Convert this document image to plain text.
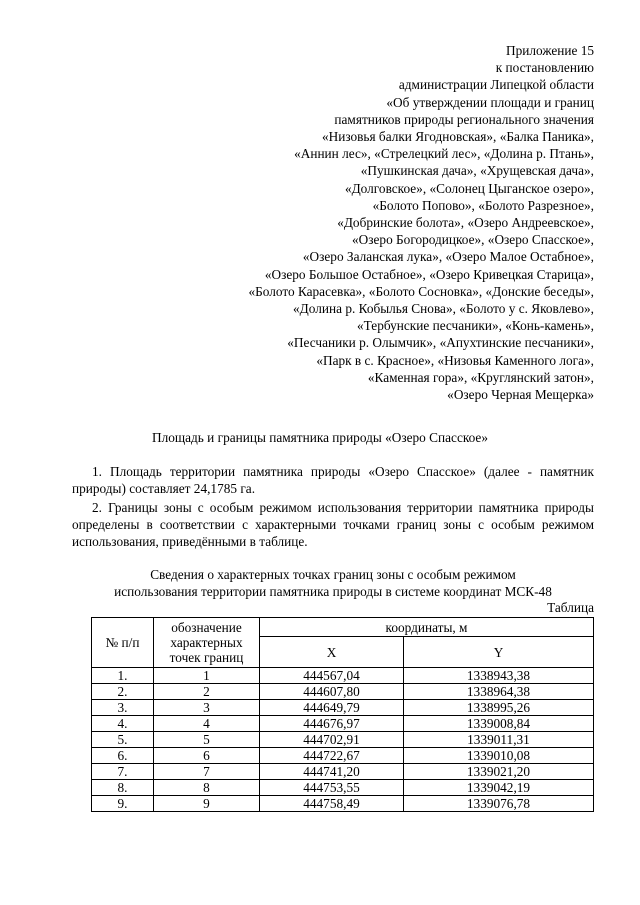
Приложение 15
к постановлению
администрации Липецкой области
«Об утверждении площади и границ
памятников природы регионального значения
«Низовья балки Ягодновская», «Балка Паника»,
«Аннин лес», «Стрелецкий лес», «Долина р. Птань»,
«Пушкинская дача», «Хрущевская дача»,
«Долговское», «Солонец Цыганское озеро»,
«Болото Попово», «Болото Разрезное»,
«Добринские болота», «Озеро Андреевское»,
«Озеро Богородицкое», «Озеро Спасское»,
«Озеро Заланская лука», «Озеро Малое Остабное»,
«Озеро Большое Остабное», «Озеро Кривецкая Старица»,
«Болото Карасевка», «Болото Сосновка», «Донские беседы»,
«Долина р. Кобылья Снова», «Болото у с. Яковлево»,
«Тербунские песчаники», «Конь-камень»,
«Песчаники р. Олымчик», «Апухтинские песчаники»,
«Парк в с. Красное», «Низовья Каменного лога»,
«Каменная гора», «Круглянский затон»,
«Озеро Черная Мещерка»
Площадь и границы памятника природы «Озеро Спасское»
1. Площадь территории памятника природы «Озеро Спасское» (далее - памятник природы) составляет 24,1785 га.
2. Границы зоны с особым режимом использования территории памятника природы определены в соответствии с характерными точками границ зоны с особым режимом использования, приведёнными в таблице.
Сведения о характерных точках границ зоны с особым режимом
использования территории памятника природы в системе координат МСК-48
Таблица
№ п/п	обозначение
характерных
точек границ	координаты, м	
		X	Y
1.	1	444567,04	1338943,38
2.	2	444607,80	1338964,38
3.	3	444649,79	1338995,26
4.	4	444676,97	1339008,84
5.	5	444702,91	1339011,31
6.	6	444722,67	1339010,08
7.	7	444741,20	1339021,20
8.	8	444753,55	1339042,19
9.	9	444758,49	1339076,78
